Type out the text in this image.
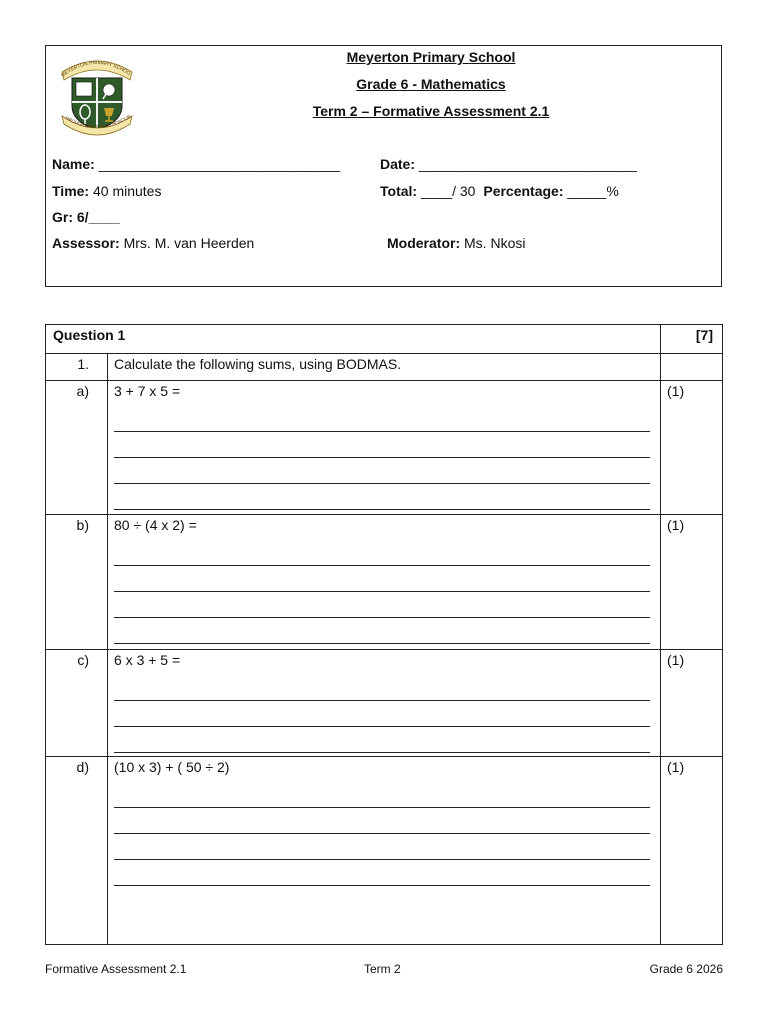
MEYERTON PRIMARY SCHOO
HROUGH LABOUR TO HONOUR
Meyerton Primary School
Grade 6 - Mathematics
Term 2 – Formative Assessment 2.1
Name: _______________________________	Date: ____________________________
Time: 40 minutes	Total: ____/ 30 Percentage: _____%
Gr: 6/____
Assessor: Mrs. M. van Heerden	Moderator: Ms. Nkosi
Question 1		[7]
1.	Calculate the following sums, using BODMAS.	
a)	3 + 7 x 5 =	(1)
b)	80 ÷ (4 x 2) =	(1)
c)	6 x 3 + 5 =	(1)
d)	(10 x 3) + ( 50 ÷ 2)	(1)
Formative Assessment 2.1	Term 2	Grade 6 2026
